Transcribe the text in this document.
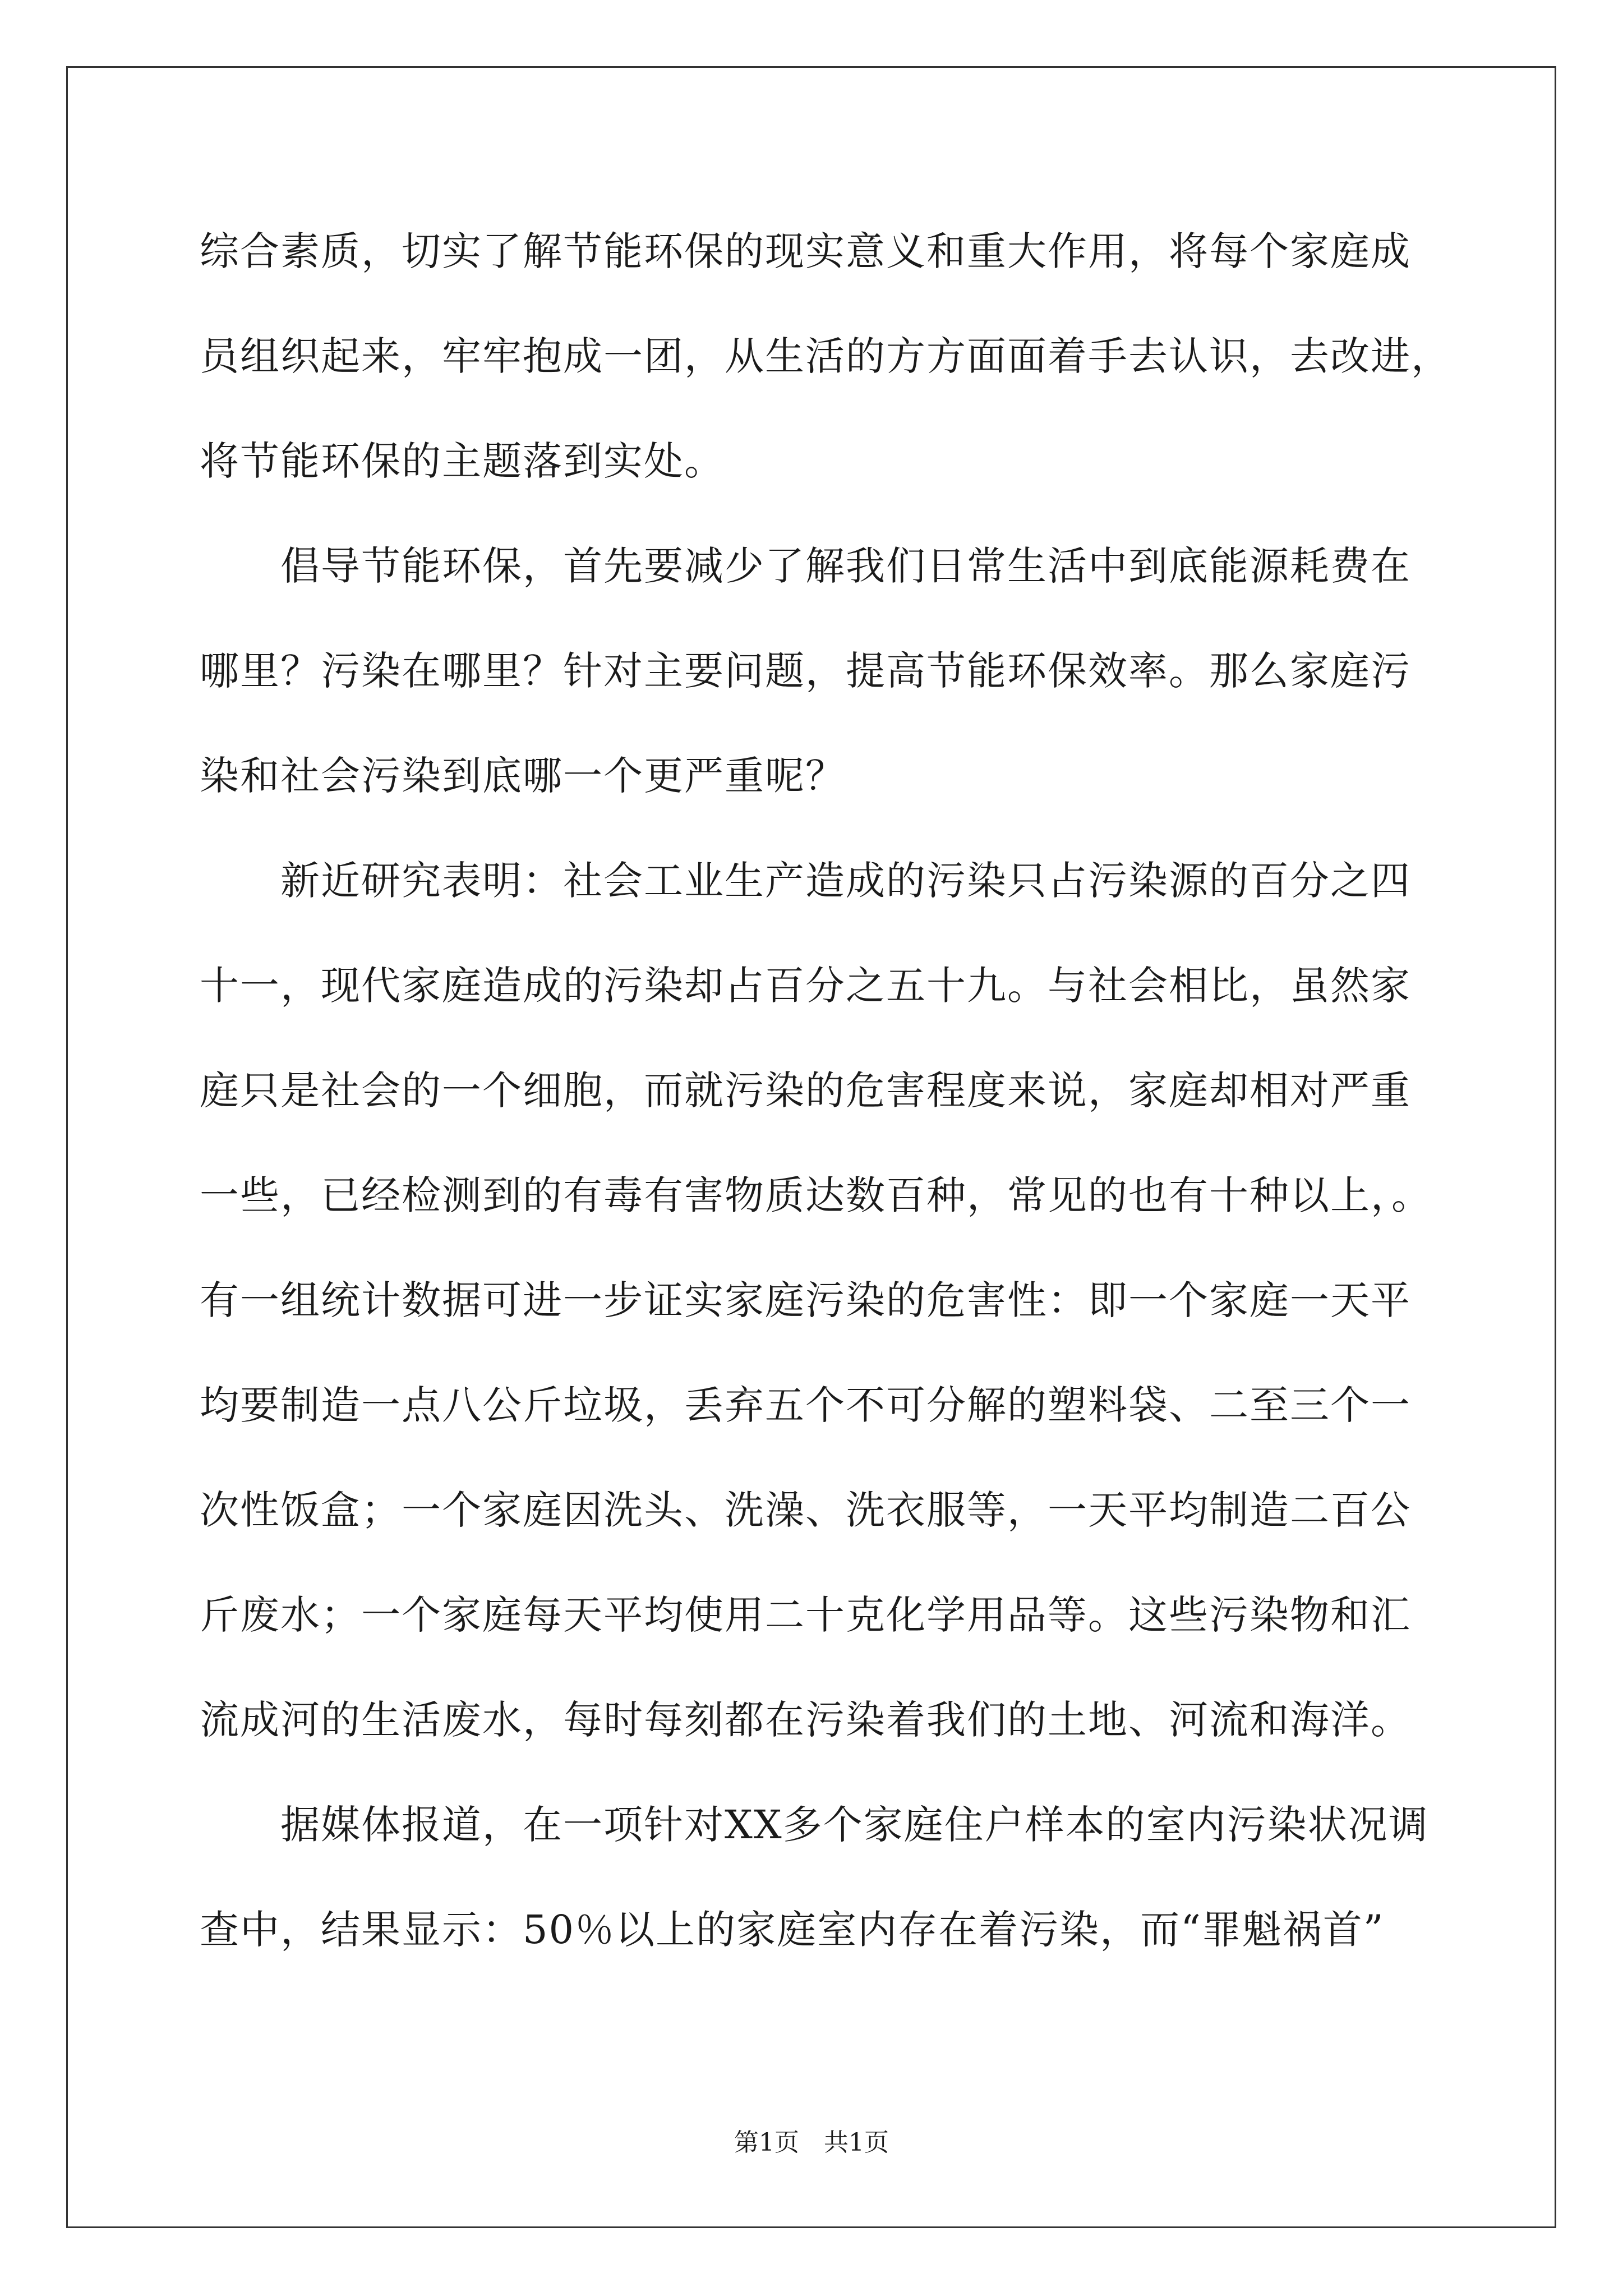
综合素质，切实了解节能环保的现实意义和重大作用，将每个家庭成
员组织起来，牢牢抱成一团，从生活的方方面面着手去认识，去改进，
将节能环保的主题落到实处。
　　倡导节能环保，首先要减少了解我们日常生活中到底能源耗费在
哪里？污染在哪里？针对主要问题，提高节能环保效率。那么家庭污
染和社会污染到底哪一个更严重呢？
　　新近研究表明：社会工业生产造成的污染只占污染源的百分之四
十一，现代家庭造成的污染却占百分之五十九。与社会相比，虽然家
庭只是社会的一个细胞，而就污染的危害程度来说，家庭却相对严重
一些，已经检测到的有毒有害物质达数百种，常见的也有十种以上，。
有一组统计数据可进一步证实家庭污染的危害性：即一个家庭一天平
均要制造一点八公斤垃圾，丢弃五个不可分解的塑料袋、二至三个一
次性饭盒；一个家庭因洗头、洗澡、洗衣服等，一天平均制造二百公
斤废水；一个家庭每天平均使用二十克化学用品等。这些污染物和汇
流成河的生活废水，每时每刻都在污染着我们的土地、河流和海洋。
　　据媒体报道，在一项针对XX多个家庭住户样本的室内污染状况调
查中，结果显示：50％以上的家庭室内存在着污染，而“罪魁祸首”
第1页　共1页
